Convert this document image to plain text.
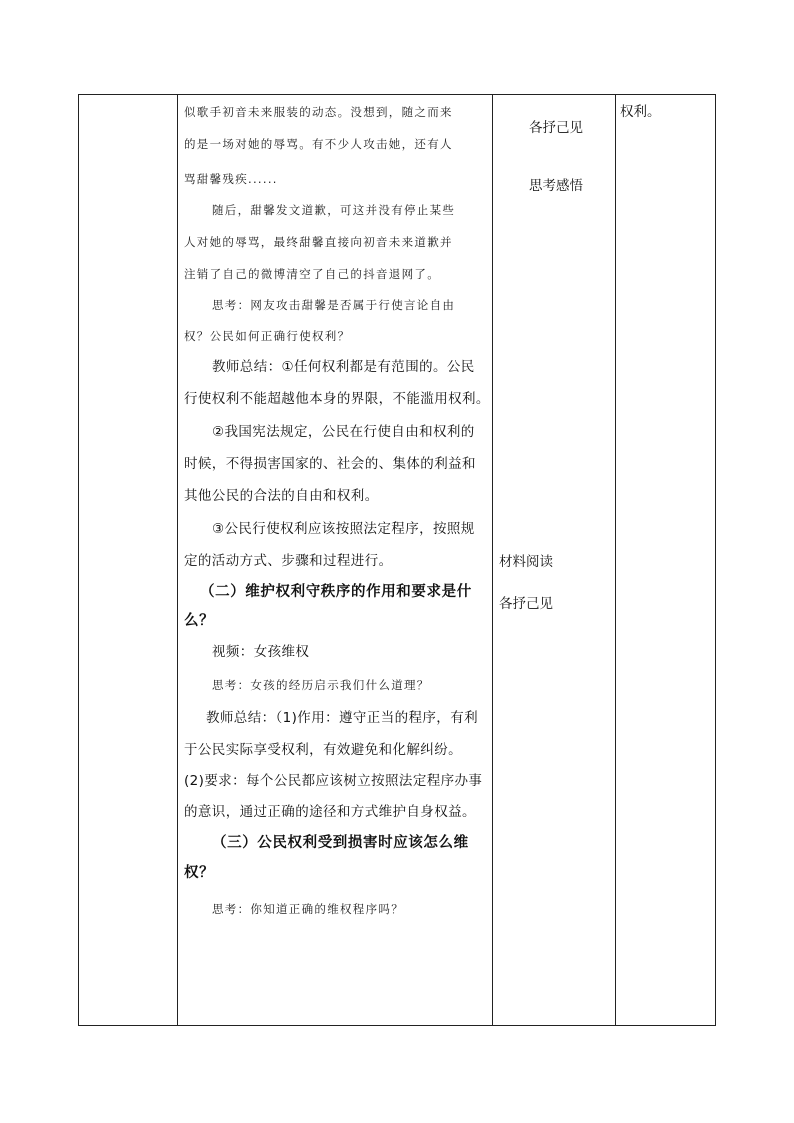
似歌手初音未来服装的动态。没想到，随之而来
的是一场对她的辱骂。有不少人攻击她，还有人
骂甜馨残疾......
随后，甜馨发文道歉，可这并没有停止某些
人对她的辱骂，最终甜馨直接向初音未来道歉并
注销了自己的微博清空了自己的抖音退网了。
思考：网友攻击甜馨是否属于行使言论自由
权？公民如何正确行使权利？
教师总结：①任何权利都是有范围的。公民
行使权利不能超越他本身的界限，不能滥用权利。
②我国宪法规定，公民在行使自由和权利的
时候，不得损害国家的、社会的、集体的利益和
其他公民的合法的自由和权利。
③公民行使权利应该按照法定程序，按照规
定的活动方式、步骤和过程进行。
（二）维护权利守秩序的作用和要求是什
么？
视频：女孩维权
思考：女孩的经历启示我们什么道理？
教师总结：（1)作用：遵守正当的程序，有利
于公民实际享受权利，有效避免和化解纠纷。
(2)要求：每个公民都应该树立按照法定程序办事
的意识，通过正确的途径和方式维护自身权益。
（三）公民权利受到损害时应该怎么维
权？
思考：你知道正确的维权程序吗？
各抒己见
思考感悟
材料阅读
各抒己见
权利。
